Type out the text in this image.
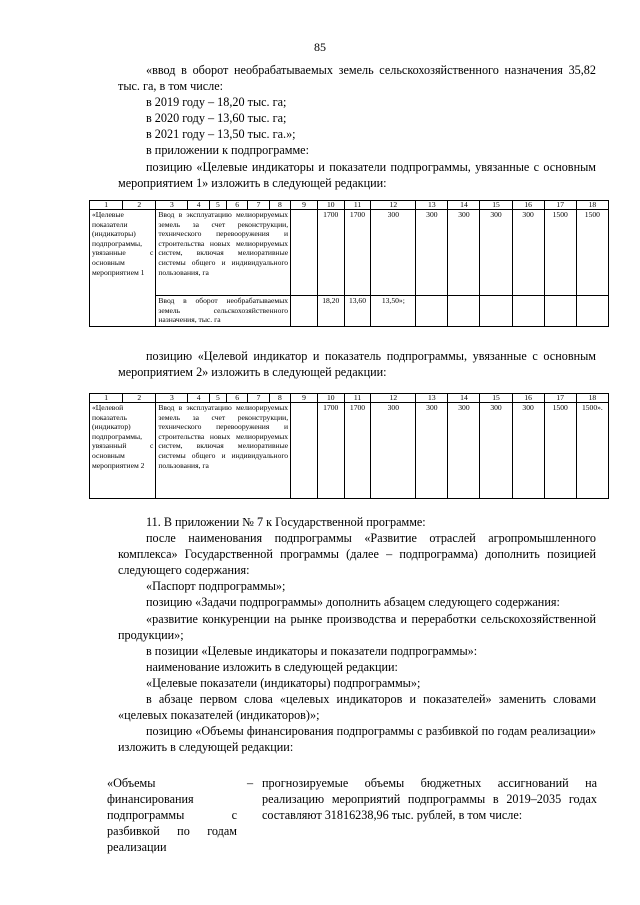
85

«ввод в оборот необрабатываемых земель сельскохозяйственного назначения 35,82 тыс. га, в том числе:

в 2019 году – 18,20 тыс. га;

в 2020 году – 13,60 тыс. га;

в 2021 году – 13,50 тыс. га.»;

в приложении к подпрограмме:

позицию «Целевые индикаторы и показатели подпрограммы, увязанные с основным мероприятием 1» изложить в следующей редакции:

1	2	3	4	5	6	7	8	9	10	11	12	13	14	15	16	17	18
«Целевые показатели (индикаторы) подпрограммы, увязанные с основным мероприятием 1		Ввод в эксплуатацию мелиорируемых земель за счет реконструкции, технического перевооружения и строительства новых мелиорируемых систем, включая мелиоративные системы общего и индивидуального пользования, га							1700	1700	300	300	300	300	300	1500	1500
		Ввод в оборот необрабатываемых земель сельскохозяйственного назначения, тыс. га							18,20	13,60	13,50»;						

позицию «Целевой индикатор и показатель подпрограммы, увязанные с основным мероприятием 2» изложить в следующей редакции:

1	2	3	4	5	6	7	8	9	10	11	12	13	14	15	16	17	18
«Целевой показатель (индикатор) подпрограммы, увязанный с основным мероприятием 2		Ввод в эксплуатацию мелиорируемых земель за счет реконструкции, технического перевооружения и строительства новых мелиорируемых систем, включая мелиоративные системы общего и индивидуального пользования, га							1700	1700	300	300	300	300	300	1500	1500».

11. В приложении № 7 к Государственной программе:

после наименования подпрограммы «Развитие отраслей агропромышленного комплекса» Государственной программы (далее – подпрограмма) дополнить позицией следующего содержания:

«Паспорт подпрограммы»;

позицию «Задачи подпрограммы» дополнить абзацем следующего содержания:

«развитие конкуренции на рынке производства и переработки сельскохозяйственной продукции»;

в позиции «Целевые индикаторы и показатели подпрограммы»:

наименование изложить в следующей редакции:

«Целевые показатели (индикаторы) подпрограммы»;

в абзаце первом слова «целевых индикаторов и показателей» заменить словами «целевых показателей (индикаторов)»;

позицию «Объемы финансирования подпрограммы с разбивкой по годам реализации» изложить в следующей редакции:

«Объемы финансирования подпрограммы с разбивкой по годам реализации
– прогнозируемые объемы бюджетных ассигнований на реализацию мероприятий подпрограммы в 2019–2035 годах составляют 31816238,96 тыс. рублей, в том числе:
